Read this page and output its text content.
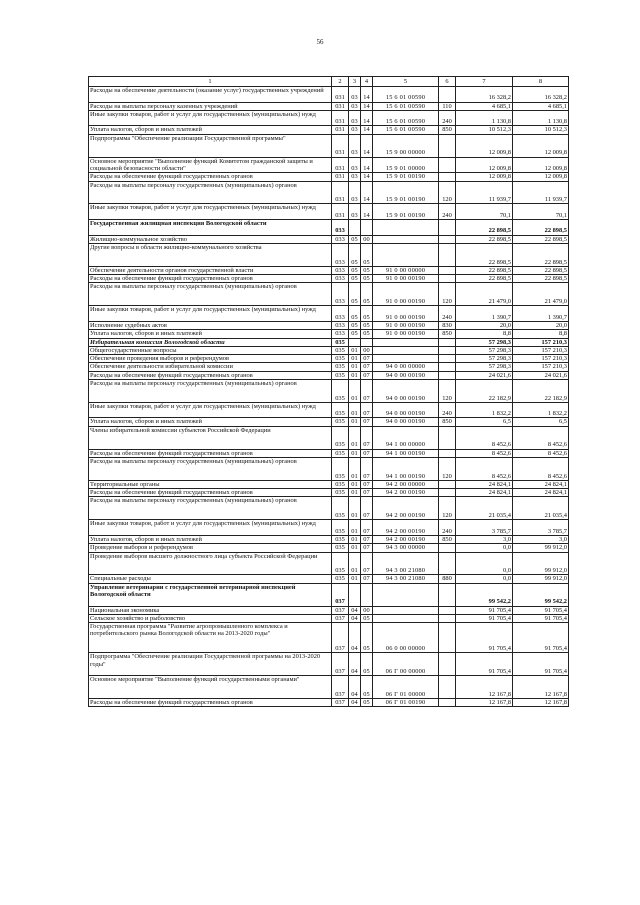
56
1	2	3	4	5	6	7	8
Расходы на обеспечение деятельности (оказание услуг) государственных учреждений	031	03	14	15 6 01 00590		16 328,2	16 328,2
Расходы на выплаты персоналу казенных учреждений	031	03	14	15 6 01 00590	110	4 685,1	4 685,1
Иные закупки товаров, работ и услуг для государственных (муниципальных) нужд	031	03	14	15 6 01 00590	240	1 130,8	1 130,8
Уплата налогов, сборов и иных платежей	031	03	14	15 6 01 00590	850	10 512,3	10 512,3
Подпрограмма "Обеспечение реализации Государственной программы"	031	03	14	15 9 00 00000		12 009,8	12 009,8
Основное мероприятие "Выполнение функций Комитетом гражданской защиты и социальной безопасности области"	031	03	14	15 9 01 00000		12 009,8	12 009,8
Расходы на обеспечение функций государственных органов	031	03	14	15 9 01 00190		12 009,8	12 009,8
Расходы на выплаты персоналу государственных (муниципальных) органов	031	03	14	15 9 01 00190	120	11 939,7	11 939,7
Иные закупки товаров, работ и услуг для государственных (муниципальных) нужд	031	03	14	15 9 01 00190	240	70,1	70,1
Государственная жилищная инспекция Вологодской области	033					22 898,5	22 898,5
Жилищно-коммунальное хозяйство	033	05	00			22 898,5	22 898,5
Другие вопросы в области жилищно-коммунального хозяйства	033	05	05			22 898,5	22 898,5
Обеспечение деятельности органов государственной власти	033	05	05	91 0 00 00000		22 898,5	22 898,5
Расходы на обеспечение функций государственных органов	033	05	05	91 0 00 00190		22 898,5	22 898,5
Расходы на выплаты персоналу государственных (муниципальных) органов	033	05	05	91 0 00 00190	120	21 479,0	21 479,0
Иные закупки товаров, работ и услуг для государственных (муниципальных) нужд	033	05	05	91 0 00 00190	240	1 390,7	1 390,7
Исполнение судебных актов	033	05	05	91 0 00 00190	830	20,0	20,0
Уплата налогов, сборов и иных платежей	033	05	05	91 0 00 00190	850	8,8	8,8
Избирательная комиссия Вологодской области	035					57 298,3	157 210,3
Общегосударственные вопросы	035	01	00			57 298,3	157 210,3
Обеспечение проведения выборов и референдумов	035	01	07			57 298,3	157 210,3
Обеспечение деятельности избирательной комиссии	035	01	07	94 0 00 00000		57 298,3	157 210,3
Расходы на обеспечение функций государственных органов	035	01	07	94 0 00 00190		24 021,6	24 021,6
Расходы на выплаты персоналу государственных (муниципальных) органов	035	01	07	94 0 00 00190	120	22 182,9	22 182,9
Иные закупки товаров, работ и услуг для государственных (муниципальных) нужд	035	01	07	94 0 00 00190	240	1 832,2	1 832,2
Уплата налогов, сборов и иных платежей	035	01	07	94 0 00 00190	850	6,5	6,5
Члены избирательной комиссии субъектов Российской Федерации	035	01	07	94 1 00 00000		8 452,6	8 452,6
Расходы на обеспечение функций государственных органов	035	01	07	94 1 00 00190		8 452,6	8 452,6
Расходы на выплаты персоналу государственных (муниципальных) органов	035	01	07	94 1 00 00190	120	8 452,6	8 452,6
Территориальные органы	035	01	07	94 2 00 00000		24 824,1	24 824,1
Расходы на обеспечение функций государственных органов	035	01	07	94 2 00 00190		24 824,1	24 824,1
Расходы на выплаты персоналу государственных (муниципальных) органов	035	01	07	94 2 00 00190	120	21 035,4	21 035,4
Иные закупки товаров, работ и услуг для государственных (муниципальных) нужд	035	01	07	94 2 00 00190	240	3 785,7	3 785,7
Уплата налогов, сборов и иных платежей	035	01	07	94 2 00 00190	850	3,0	3,0
Проведение выборов и референдумов	035	01	07	94 3 00 00000		0,0	99 912,0
Проведение выборов высшего должностного лица субъекта Российской Федерации	035	01	07	94 3 00 21080		0,0	99 912,0
Специальные расходы	035	01	07	94 3 00 21080	880	0,0	99 912,0
Управление ветеринарии с государственной ветеринарной инспекцией Вологодской области	037					99 542,2	99 542,2
Национальная экономика	037	04	00			91 705,4	91 705,4
Сельское хозяйство и рыболовство	037	04	05			91 705,4	91 705,4
Государственная программа "Развитие агропромышленного комплекса и потребительского рынка Вологодской области на 2013-2020 годы"	037	04	05	06 0 00 00000		91 705,4	91 705,4
Подпрограмма "Обеспечение реализации Государственной программы на 2013-2020 годы"	037	04	05	06 Г 00 00000		91 705,4	91 705,4
Основное мероприятие "Выполнение функций государственными органами"	037	04	05	06 Г 01 00000		12 167,8	12 167,8
Расходы на обеспечение функций государственных органов	037	04	05	06 Г 01 00190		12 167,8	12 167,8
